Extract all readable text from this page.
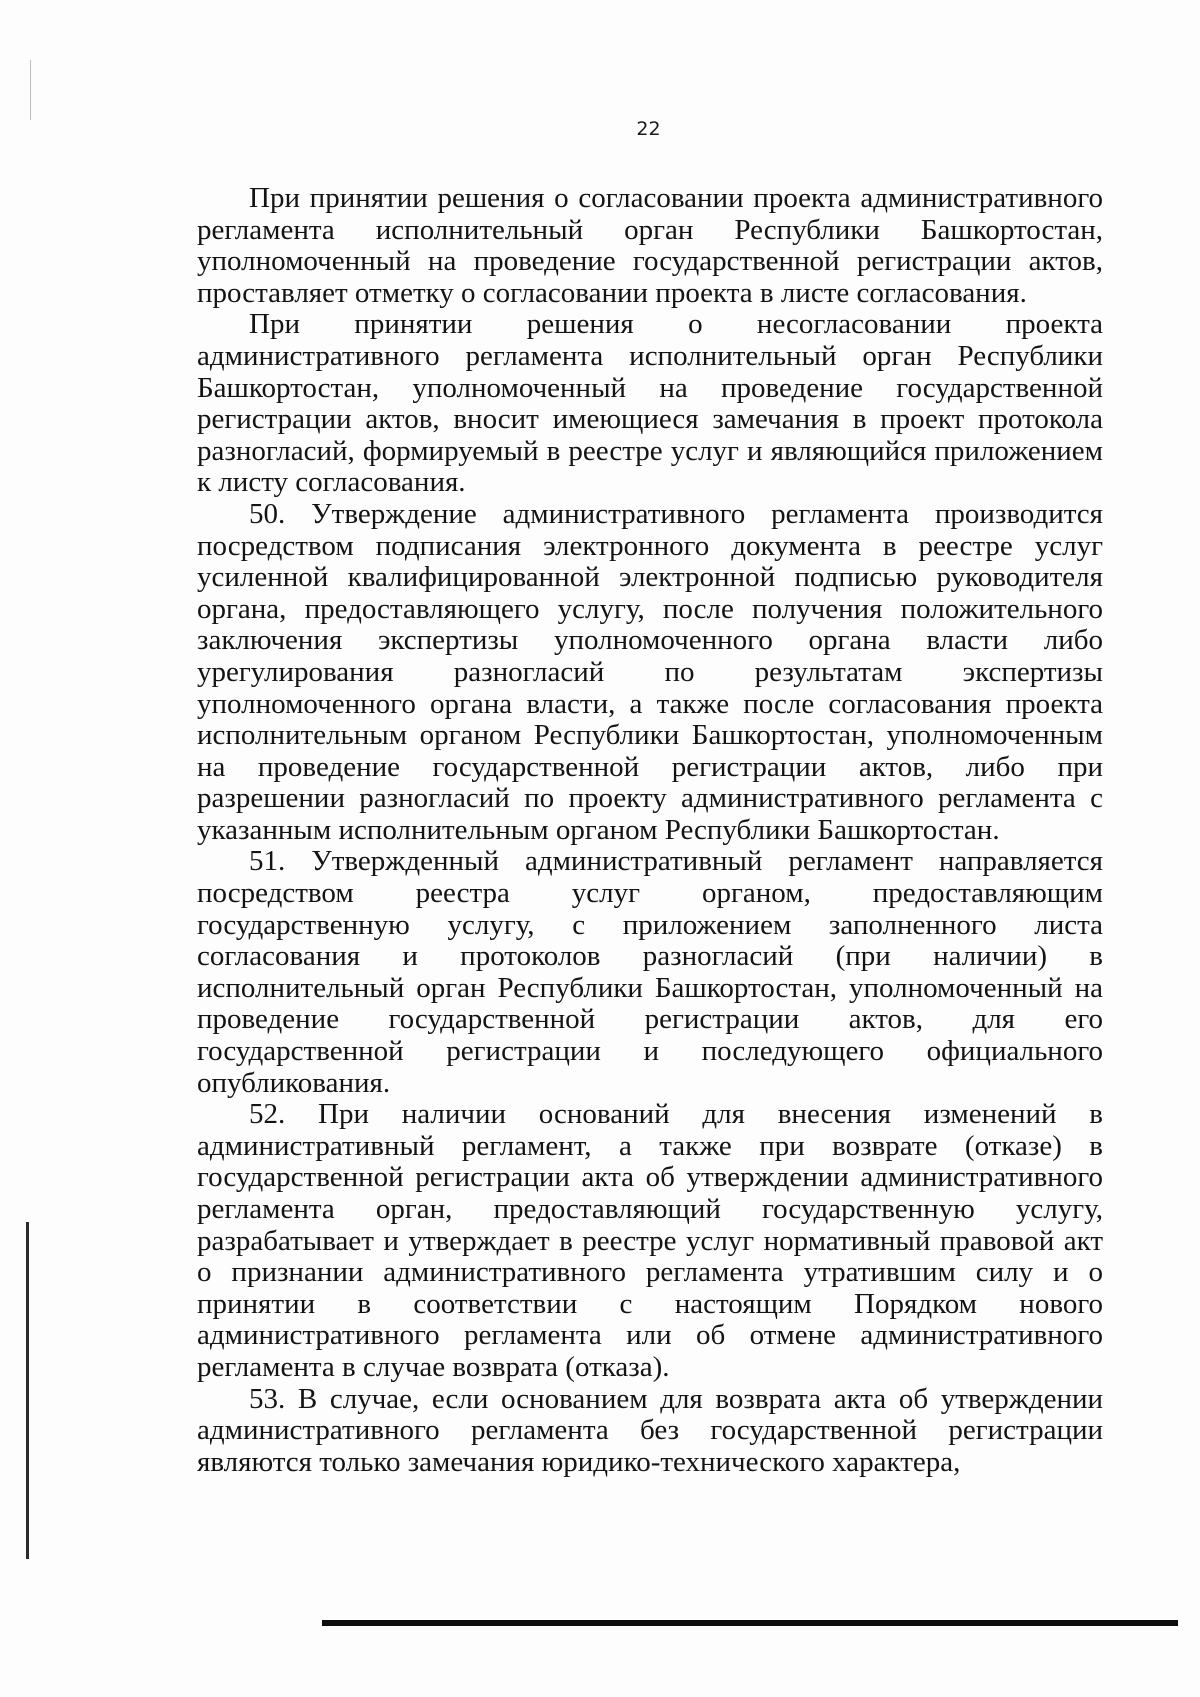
22

При принятии решения о согласовании проекта административного регламента исполнительный орган Республики Башкортостан, уполномоченный на проведение государственной регистрации актов, проставляет отметку о согласовании проекта в листе согласования.

При принятии решения о несогласовании проекта административного регламента исполнительный орган Республики Башкортостан, уполномоченный на проведение государственной регистрации актов, вносит имеющиеся замечания в проект протокола разногласий, формируемый в реестре услуг и являющийся приложением к листу согласования.

50. Утверждение административного регламента производится посредством подписания электронного документа в реестре услуг усиленной квалифицированной электронной подписью руководителя органа, предоставляющего услугу, после получения положительного заключения экспертизы уполномоченного органа власти либо урегулирования разногласий по результатам экспертизы уполномоченного органа власти, а также после согласования проекта исполнительным органом Республики Башкортостан, уполномоченным на проведение государственной регистрации актов, либо при разрешении разногласий по проекту административного регламента с указанным исполнительным органом Республики Башкортостан.

51. Утвержденный административный регламент направляется посредством реестра услуг органом, предоставляющим государственную услугу, с приложением заполненного листа согласования и протоколов разногласий (при наличии) в исполнительный орган Республики Башкортостан, уполномоченный на проведение государственной регистрации актов, для его государственной регистрации и последующего официального опубликования.

52. При наличии оснований для внесения изменений в административный регламент, а также при возврате (отказе) в государственной регистрации акта об утверждении административного регламента орган, предоставляющий государственную услугу, разрабатывает и утверждает в реестре услуг нормативный правовой акт о признании административного регламента утратившим силу и о принятии в соответствии с настоящим Порядком нового административного регламента или об отмене административного регламента в случае возврата (отказа).

53. В случае, если основанием для возврата акта об утверждении административного регламента без государственной регистрации являются только замечания юридико-технического характера,
